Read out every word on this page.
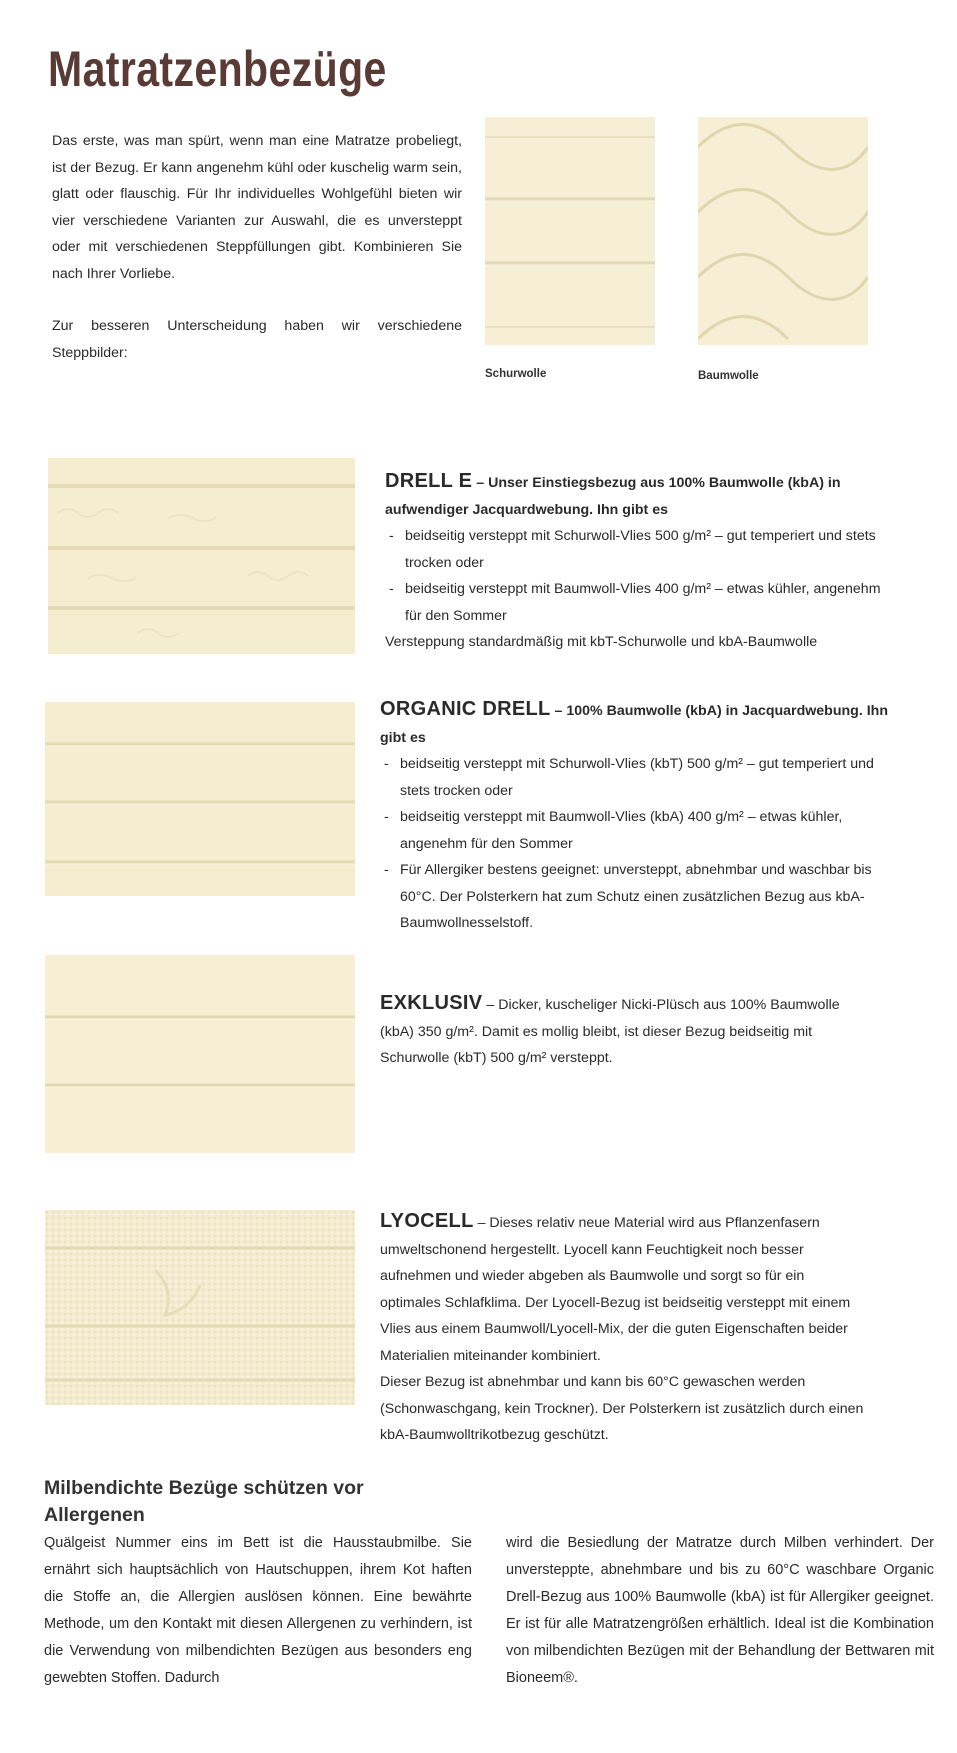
Matratzenbezüge

Das erste, was man spürt, wenn man eine Matratze probeliegt, ist der Bezug. Er kann angenehm kühl oder kuschelig warm sein, glatt oder flauschig. Für Ihr individuelles Wohlgefühl bieten wir vier verschiedene Varianten zur Auswahl, die es unversteppt oder mit verschiedenen Steppfüllungen gibt. Kombinieren Sie nach Ihrer Vorliebe.

Zur besseren Unterscheidung haben wir verschiedene Steppbilder:

Schurwolle	Baumwolle
DRELL E – Unser Einstiegsbezug aus 100% Baumwolle (kbA) in aufwendiger Jacquardwebung. Ihn gibt es
- beidseitig versteppt mit Schurwoll-Vlies 500 g/m² – gut temperiert und stets trocken oder
- beidseitig versteppt mit Baumwoll-Vlies 400 g/m² – etwas kühler, angenehm für den Sommer
Versteppung standardmäßig mit kbT-Schurwolle und kbA-Baumwolle
ORGANIC DRELL – 100% Baumwolle (kbA) in Jacquardwebung. Ihn gibt es
- beidseitig versteppt mit Schurwoll-Vlies (kbT) 500 g/m² – gut temperiert und stets trocken oder
- beidseitig versteppt mit Baumwoll-Vlies (kbA) 400 g/m² – etwas kühler, angenehm für den Sommer
- Für Allergiker bestens geeignet: unversteppt, abnehmbar und waschbar bis 60°C. Der Polsterkern hat zum Schutz einen zusätzlichen Bezug aus kbA-Baumwollnesselstoff.
EXKLUSIV – Dicker, kuscheliger Nicki-Plüsch aus 100% Baumwolle (kbA) 350 g/m². Damit es mollig bleibt, ist dieser Bezug beidseitig mit Schurwolle (kbT) 500 g/m² versteppt.
LYOCELL – Dieses relativ neue Material wird aus Pflanzenfasern umweltschonend hergestellt. Lyocell kann Feuchtigkeit noch besser aufnehmen und wieder abgeben als Baumwolle und sorgt so für ein optimales Schlafklima. Der Lyocell-Bezug ist beidseitig versteppt mit einem Vlies aus einem Baumwoll/Lyocell-Mix, der die guten Eigenschaften beider Materialien miteinander kombiniert.
Dieser Bezug ist abnehmbar und kann bis 60°C gewaschen werden (Schonwaschgang, kein Trockner). Der Polsterkern ist zusätzlich durch einen kbA-Baumwolltrikotbezug geschützt.
Milbendichte Bezüge schützen vor Allergenen
Quälgeist Nummer eins im Bett ist die Hausstaubmilbe. Sie ernährt sich hauptsächlich von Hautschuppen, ihrem Kot haften die Stoffe an, die Allergien auslösen können. Eine bewährte Methode, um den Kontakt mit diesen Allergenen zu verhindern, ist die Verwendung von milbendichten Bezügen aus besonders eng gewebten Stoffen. Dadurch
wird die Besiedlung der Matratze durch Milben verhindert. Der unversteppte, abnehmbare und bis zu 60°C waschbare Organic Drell-Bezug aus 100% Baumwolle (kbA) ist für Allergiker geeignet. Er ist für alle Matratzengrößen erhältlich. Ideal ist die Kombination von milbendichten Bezügen mit der Behandlung der Bettwaren mit Bioneem®.
